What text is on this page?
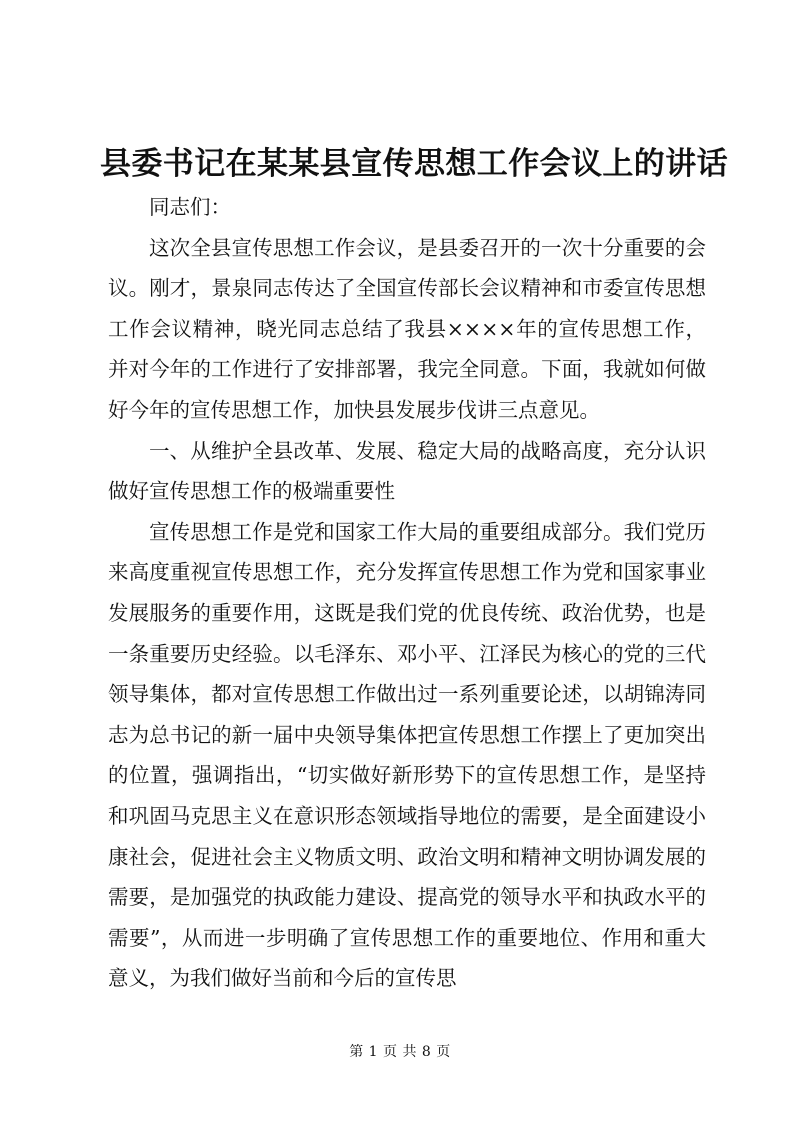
县委书记在某某县宣传思想工作会议上的讲话

同志们：

这次全县宣传思想工作会议，是县委召开的一次十分重要的会议。刚才，景泉同志传达了全国宣传部长会议精神和市委宣传思想工作会议精神，晓光同志总结了我县××××年的宣传思想工作，并对今年的工作进行了安排部署，我完全同意。下面，我就如何做好今年的宣传思想工作，加快县发展步伐讲三点意见。

一、从维护全县改革、发展、稳定大局的战略高度，充分认识做好宣传思想工作的极端重要性

宣传思想工作是党和国家工作大局的重要组成部分。我们党历来高度重视宣传思想工作，充分发挥宣传思想工作为党和国家事业发展服务的重要作用，这既是我们党的优良传统、政治优势，也是一条重要历史经验。以毛泽东、邓小平、江泽民为核心的党的三代领导集体，都对宣传思想工作做出过一系列重要论述，以胡锦涛同志为总书记的新一届中央领导集体把宣传思想工作摆上了更加突出的位置，强调指出，“切实做好新形势下的宣传思想工作，是坚持和巩固马克思主义在意识形态领域指导地位的需要，是全面建设小康社会，促进社会主义物质文明、政治文明和精神文明协调发展的需要，是加强党的执政能力建设、提高党的领导水平和执政水平的需要”，从而进一步明确了宣传思想工作的重要地位、作用和重大意义，为我们做好当前和今后的宣传思

第 1 页 共 8 页
